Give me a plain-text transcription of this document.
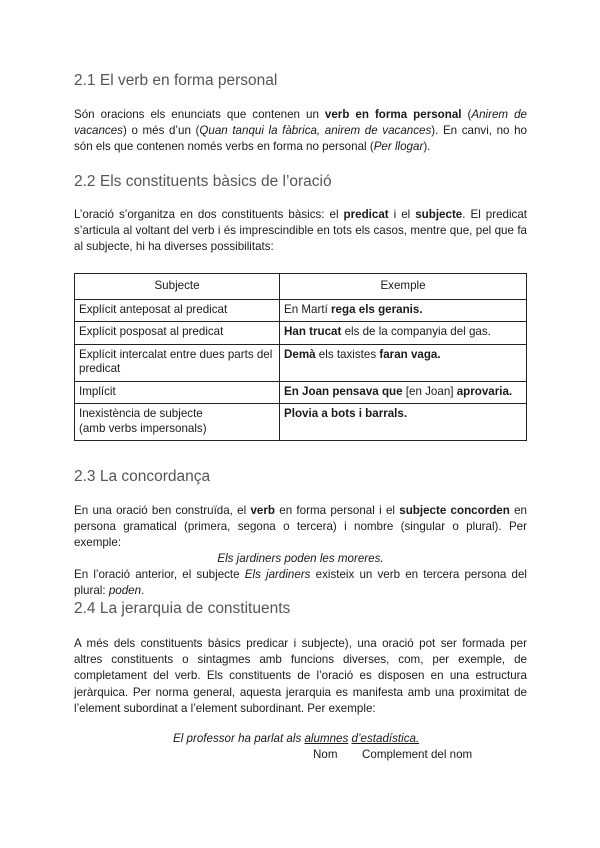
2.1 El verb en forma personal

Són oracions els enunciats que contenen un verb en forma personal (Anirem de vacances) o més d’un (Quan tanqui la fàbrica, anirem de vacances). En canvi, no ho són els que contenen només verbs en forma no personal (Per llogar).

2.2 Els constituents bàsics de l’oració

L’oració s’organitza en dos constituents bàsics: el predicat i el subjecte. El predicat s’articula al voltant del verb i és imprescindible en tots els casos, mentre que, pel que fa al subjecte, hi ha diverses possibilitats:

Subjecte	Exemple
Explícit anteposat al predicat	En Martí rega els geranis.
Explícit posposat al predicat	Han trucat els de la companyia del gas.
Explícit intercalat entre dues parts del predicat	Demà els taxistes faran vaga.
Implícit	En Joan pensava que [en Joan] aprovaria.
Inexistència de subjecte
(amb verbs impersonals)	Plovia a bots i barrals.
2.3 La concordança

En una oració ben construïda, el verb en forma personal i el subjecte concorden en persona gramatical (primera, segona o tercera) i nombre (singular o plural). Per exemple:

Els jardiners poden les moreres.

En l’oració anterior, el subjecte Els jardiners existeix un verb en tercera persona del plural: poden.

2.4 La jerarquia de constituents

A més dels constituents bàsics predicar i subjecte), una oració pot ser formada per altres constituents o sintagmes amb funcions diverses, com, per exemple, de completament del verb. Els constituents de l’oració es disposen en una estructura jeràrquica. Per norma general, aquesta jerarquia es manifesta amb una proximitat de l’element subordinat a l’element subordinant. Per exemple:

El professor ha parlat als alumnes d’estadística.

Nom Complement del nom
